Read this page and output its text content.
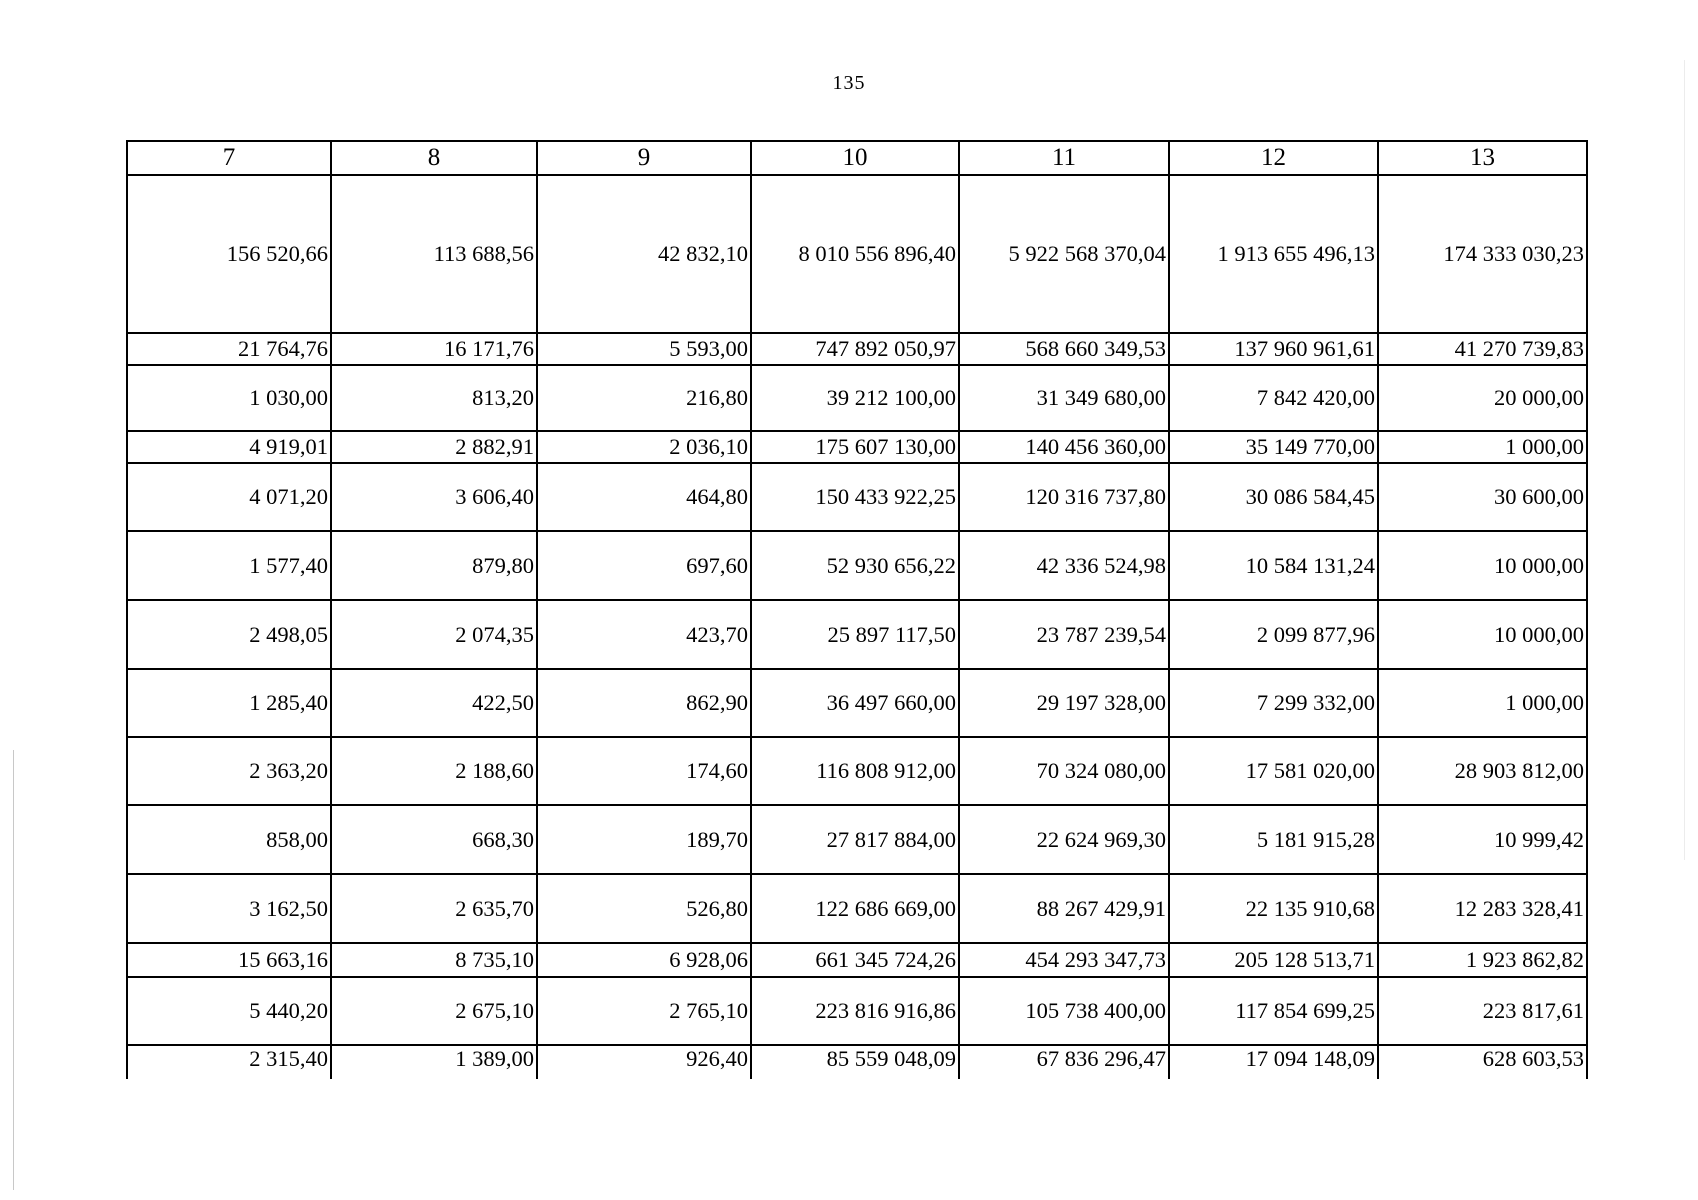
135
7	8	9	10	11	12	13
156 520,66	113 688,56	42 832,10	8 010 556 896,40	5 922 568 370,04	1 913 655 496,13	174 333 030,23
21 764,76	16 171,76	5 593,00	747 892 050,97	568 660 349,53	137 960 961,61	41 270 739,83
1 030,00	813,20	216,80	39 212 100,00	31 349 680,00	7 842 420,00	20 000,00
4 919,01	2 882,91	2 036,10	175 607 130,00	140 456 360,00	35 149 770,00	1 000,00
4 071,20	3 606,40	464,80	150 433 922,25	120 316 737,80	30 086 584,45	30 600,00
1 577,40	879,80	697,60	52 930 656,22	42 336 524,98	10 584 131,24	10 000,00
2 498,05	2 074,35	423,70	25 897 117,50	23 787 239,54	2 099 877,96	10 000,00
1 285,40	422,50	862,90	36 497 660,00	29 197 328,00	7 299 332,00	1 000,00
2 363,20	2 188,60	174,60	116 808 912,00	70 324 080,00	17 581 020,00	28 903 812,00
858,00	668,30	189,70	27 817 884,00	22 624 969,30	5 181 915,28	10 999,42
3 162,50	2 635,70	526,80	122 686 669,00	88 267 429,91	22 135 910,68	12 283 328,41
15 663,16	8 735,10	6 928,06	661 345 724,26	454 293 347,73	205 128 513,71	1 923 862,82
5 440,20	2 675,10	2 765,10	223 816 916,86	105 738 400,00	117 854 699,25	223 817,61
2 315,40	1 389,00	926,40	85 559 048,09	67 836 296,47	17 094 148,09	628 603,53
